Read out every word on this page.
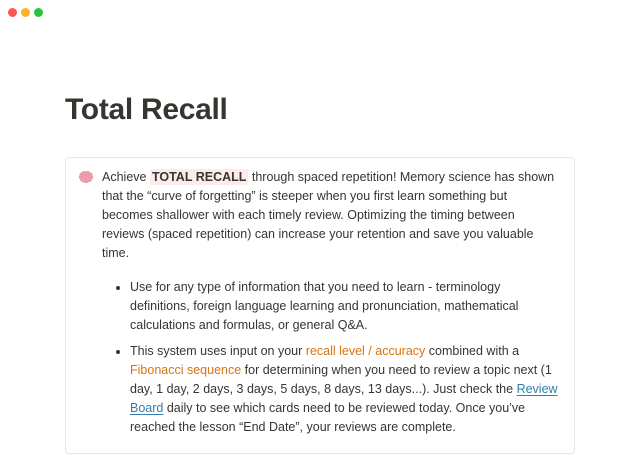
Total Recall

Achieve TOTAL RECALL through spaced repetition! Memory science has shown that the “curve of forgetting” is steeper when you first learn something but becomes shallower with each timely review. Optimizing the timing between reviews (spaced repetition) can increase your retention and save you valuable time.

• Use for any type of information that you need to learn - terminology definitions, foreign language learning and pronunciation, mathematical calculations and formulas, or general Q&A.
• This system uses input on your recall level / accuracy combined with a Fibonacci sequence for determining when you need to review a topic next (1 day, 1 day, 2 days, 3 days, 5 days, 8 days, 13 days...). Just check the Review Board daily to see which cards need to be reviewed today. Once you’ve reached the lesson “End Date”, your reviews are complete.
